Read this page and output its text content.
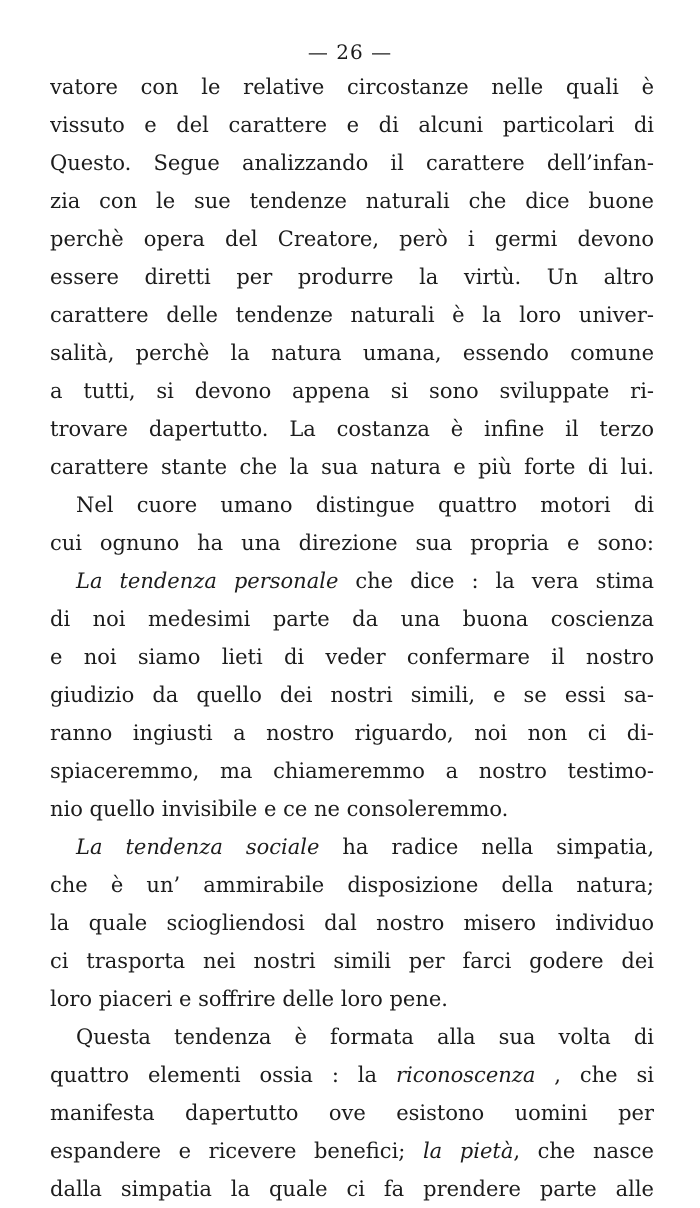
— 26 —
vatore con le relative circostanze nelle quali è
vissuto e del carattere e di alcuni particolari di
Questo. Segue analizzando il carattere dell’infan-
zia con le sue tendenze naturali che dice buone
perchè opera del Creatore, però i germi devono
essere diretti per produrre la virtù. Un altro
carattere delle tendenze naturali è la loro univer-
salità, perchè la natura umana, essendo comune
a tutti, si devono appena si sono sviluppate ri-
trovare dapertutto. La costanza è infine il terzo
carattere stante che la sua natura e più forte di lui.
Nel cuore umano distingue quattro motori di
cui ognuno ha una direzione sua propria e sono:
La tendenza personale che dice : la vera stima
di noi medesimi parte da una buona coscienza
e noi siamo lieti di veder confermare il nostro
giudizio da quello dei nostri simili, e se essi sa-
ranno ingiusti a nostro riguardo, noi non ci di-
spiaceremmo, ma chiameremmo a nostro testimo-
nio quello invisibile e ce ne consoleremmo.
La tendenza sociale ha radice nella simpatia,
che è un’ ammirabile disposizione della natura;
la quale sciogliendosi dal nostro misero individuo
ci trasporta nei nostri simili per farci godere dei
loro piaceri e soffrire delle loro pene.
Questa tendenza è formata alla sua volta di
quattro elementi ossia : la riconoscenza , che si
manifesta dapertutto ove esistono uomini per
espandere e ricevere benefici; la pietà, che nasce
dalla simpatia la quale ci fa prendere parte alle
